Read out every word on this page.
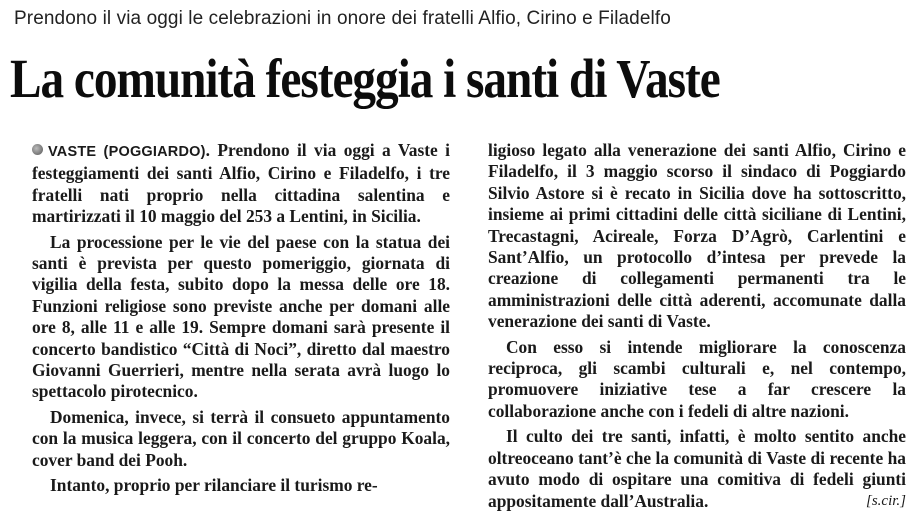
Prendono il via oggi le celebrazioni in onore dei fratelli Alfio, Cirino e Filadelfo
La comunità festeggia i santi di Vaste

VASTE (POGGIARDO). Prendono il via oggi a Vaste i festeggiamenti dei santi Alfio, Cirino e Filadelfo, i tre fratelli nati proprio nella cittadina salentina e martirizzati il 10 maggio del 253 a Lentini, in Sicilia.

La processione per le vie del paese con la statua dei santi è prevista per questo pomeriggio, giornata di vigilia della festa, subito dopo la messa delle ore 18. Funzioni religiose sono previste anche per domani alle ore 8, alle 11 e alle 19. Sempre domani sarà presente il concerto bandistico “Città di Noci”, diretto dal maestro Giovanni Guerrieri, mentre nella serata avrà luogo lo spettacolo pirotecnico.

Domenica, invece, si terrà il consueto appuntamento con la musica leggera, con il concerto del gruppo Koala, cover band dei Pooh.

Intanto, proprio per rilanciare il turismo re-

ligioso legato alla venerazione dei santi Alfio, Cirino e Filadelfo, il 3 maggio scorso il sindaco di Poggiardo Silvio Astore si è recato in Sicilia dove ha sottoscritto, insieme ai primi cittadini delle città siciliane di Lentini, Trecastagni, Acireale, Forza D’Agrò, Carlentini e Sant’Alfio, un protocollo d’intesa per prevede la creazione di collegamenti permanenti tra le amministrazioni delle città aderenti, accomunate dalla venerazione dei santi di Vaste.

Con esso si intende migliorare la conoscenza reciproca, gli scambi culturali e, nel contempo, promuovere iniziative tese a far crescere la collaborazione anche con i fedeli di altre nazioni.

Il culto dei tre santi, infatti, è molto sentito anche oltreoceano tant’è che la comunità di Vaste di recente ha avuto modo di ospitare una comitiva di fedeli giunti appositamente dall’Australia.	[s.cir.]
